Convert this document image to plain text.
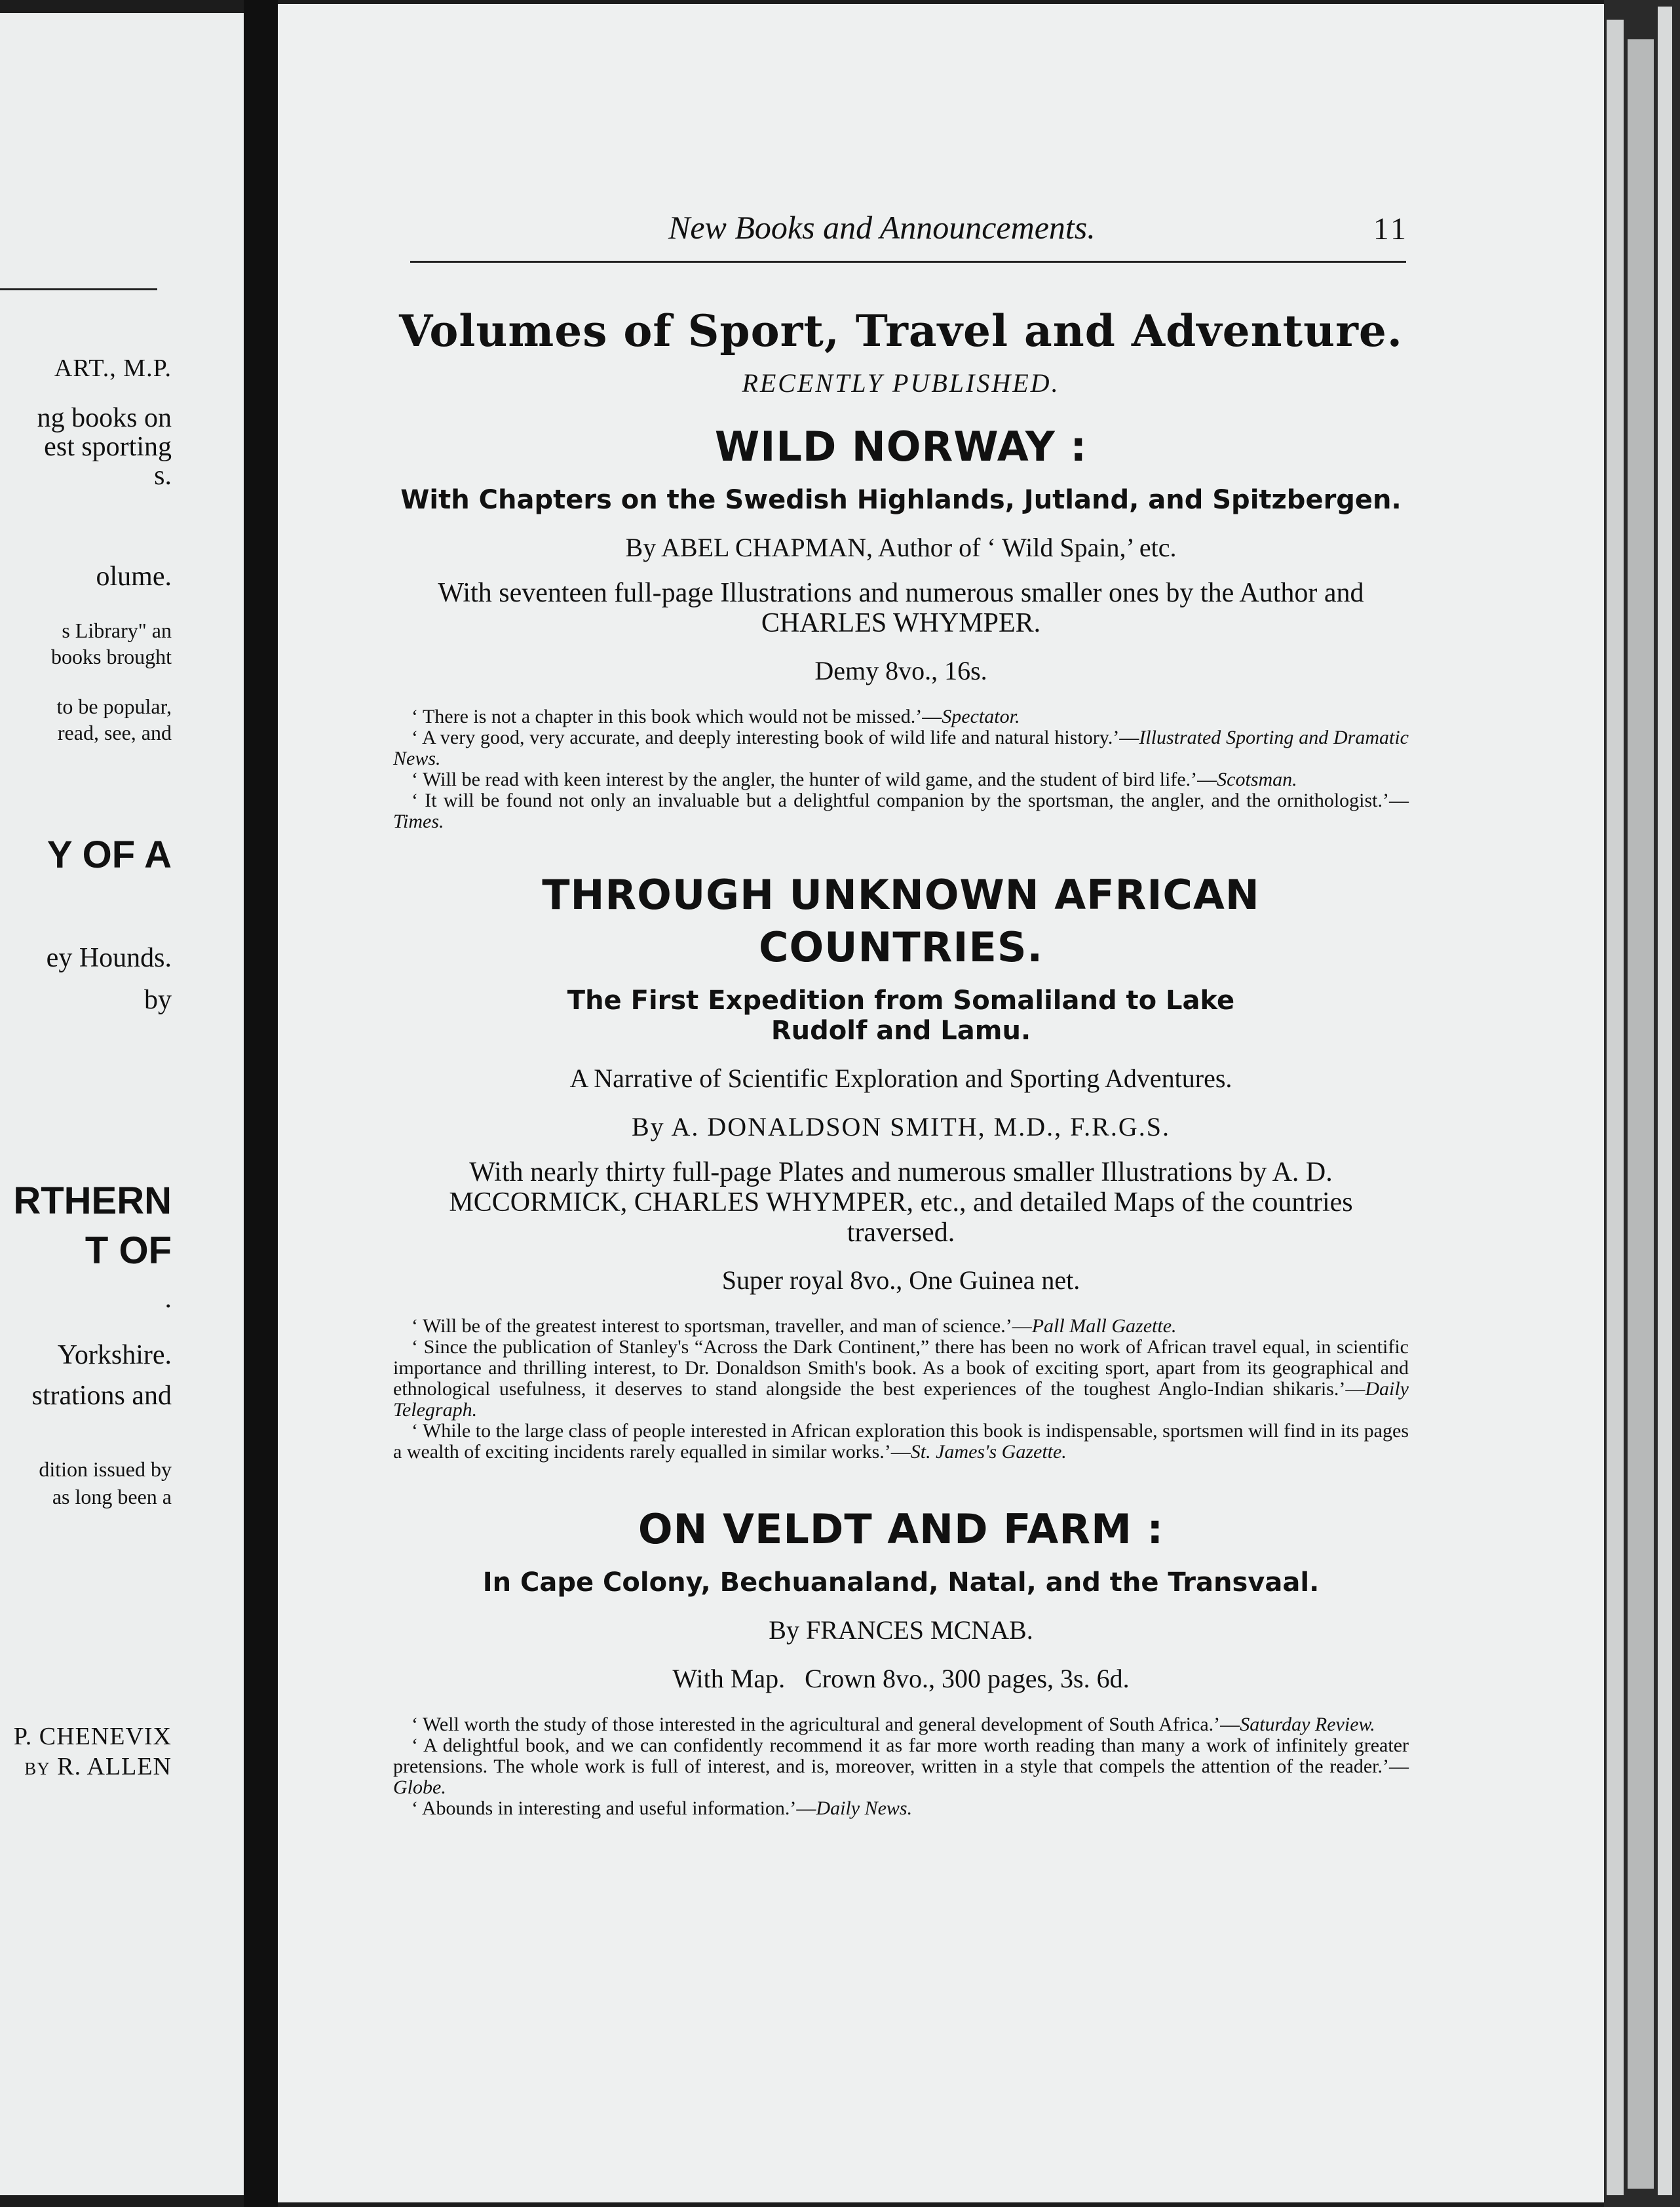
ART., M.P.
ng books on
est sporting
s.
olume.
s Library" an
books brought
to be popular,
read, see, and
Y OF A
ey Hounds.
by
RTHERN
T OF
.
Yorkshire.
strations and
dition issued by
as long been a
P. CHENEVIX
by R. ALLEN
New Books and Announcements.	11
Volumes of Sport, Travel and Adventure.

RECENTLY PUBLISHED.

WILD NORWAY :

With Chapters on the Swedish Highlands, Jutland, and Spitzbergen.

By ABEL CHAPMAN, Author of ‘ Wild Spain,’ etc.

With seventeen full-page Illustrations and numerous smaller ones by the Author and CHARLES WHYMPER.

Demy 8vo., 16s.

‘ There is not a chapter in this book which would not be missed.’—Spectator.

‘ A very good, very accurate, and deeply interesting book of wild life and natural history.’—Illustrated Sporting and Dramatic News.

‘ Will be read with keen interest by the angler, the hunter of wild game, and the student of bird life.’—Scotsman.

‘ It will be found not only an invaluable but a delightful companion by the sportsman, the angler, and the ornithologist.’—Times.

THROUGH UNKNOWN AFRICAN COUNTRIES.

The First Expedition from Somaliland to Lake Rudolf and Lamu.

A Narrative of Scientific Exploration and Sporting Adventures.

By A. DONALDSON SMITH, M.D., F.R.G.S.

With nearly thirty full-page Plates and numerous smaller Illustrations by A. D. MCCORMICK, CHARLES WHYMPER, etc., and detailed Maps of the countries traversed.

Super royal 8vo., One Guinea net.

‘ Will be of the greatest interest to sportsman, traveller, and man of science.’—Pall Mall Gazette.

‘ Since the publication of Stanley's “Across the Dark Continent,” there has been no work of African travel equal, in scientific importance and thrilling interest, to Dr. Donaldson Smith's book. As a book of exciting sport, apart from its geographical and ethnological usefulness, it deserves to stand alongside the best experiences of the toughest Anglo-Indian shikaris.’—Daily Telegraph.

‘ While to the large class of people interested in African exploration this book is indispensable, sportsmen will find in its pages a wealth of exciting incidents rarely equalled in similar works.’—St. James's Gazette.

ON VELDT AND FARM :

In Cape Colony, Bechuanaland, Natal, and the Transvaal.

By FRANCES MCNAB.

With Map.   Crown 8vo., 300 pages, 3s. 6d.

‘ Well worth the study of those interested in the agricultural and general development of South Africa.’—Saturday Review.

‘ A delightful book, and we can confidently recommend it as far more worth reading than many a work of infinitely greater pretensions. The whole work is full of interest, and is, moreover, written in a style that compels the attention of the reader.’—Globe.

‘ Abounds in interesting and useful information.’—Daily News.
